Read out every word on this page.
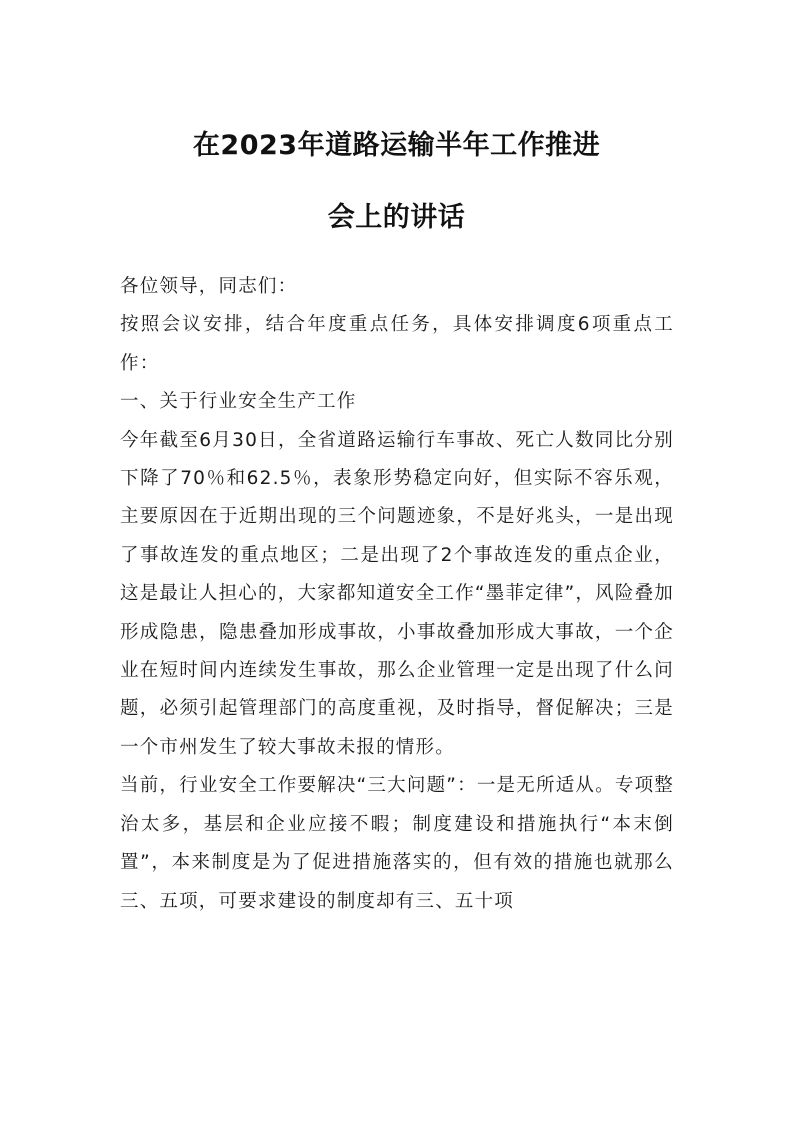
在2023年道路运输半年工作推进
会上的讲话

各位领导，同志们：

按照会议安排，结合年度重点任务，具体安排调度6项重点工作：

一、关于行业安全生产工作

今年截至6月30日，全省道路运输行车事故、死亡人数同比分别下降了70％和62.5％，表象形势稳定向好，但实际不容乐观，主要原因在于近期出现的三个问题迹象，不是好兆头，一是出现了事故连发的重点地区；二是出现了2个事故连发的重点企业，这是最让人担心的，大家都知道安全工作“墨菲定律”，风险叠加形成隐患，隐患叠加形成事故，小事故叠加形成大事故，一个企业在短时间内连续发生事故，那么企业管理一定是出现了什么问题，必须引起管理部门的高度重视，及时指导，督促解决；三是一个市州发生了较大事故未报的情形。

当前，行业安全工作要解决“三大问题”：一是无所适从。专项整治太多，基层和企业应接不暇；制度建设和措施执行“本末倒置”，本来制度是为了促进措施落实的，但有效的措施也就那么三、五项，可要求建设的制度却有三、五十项
